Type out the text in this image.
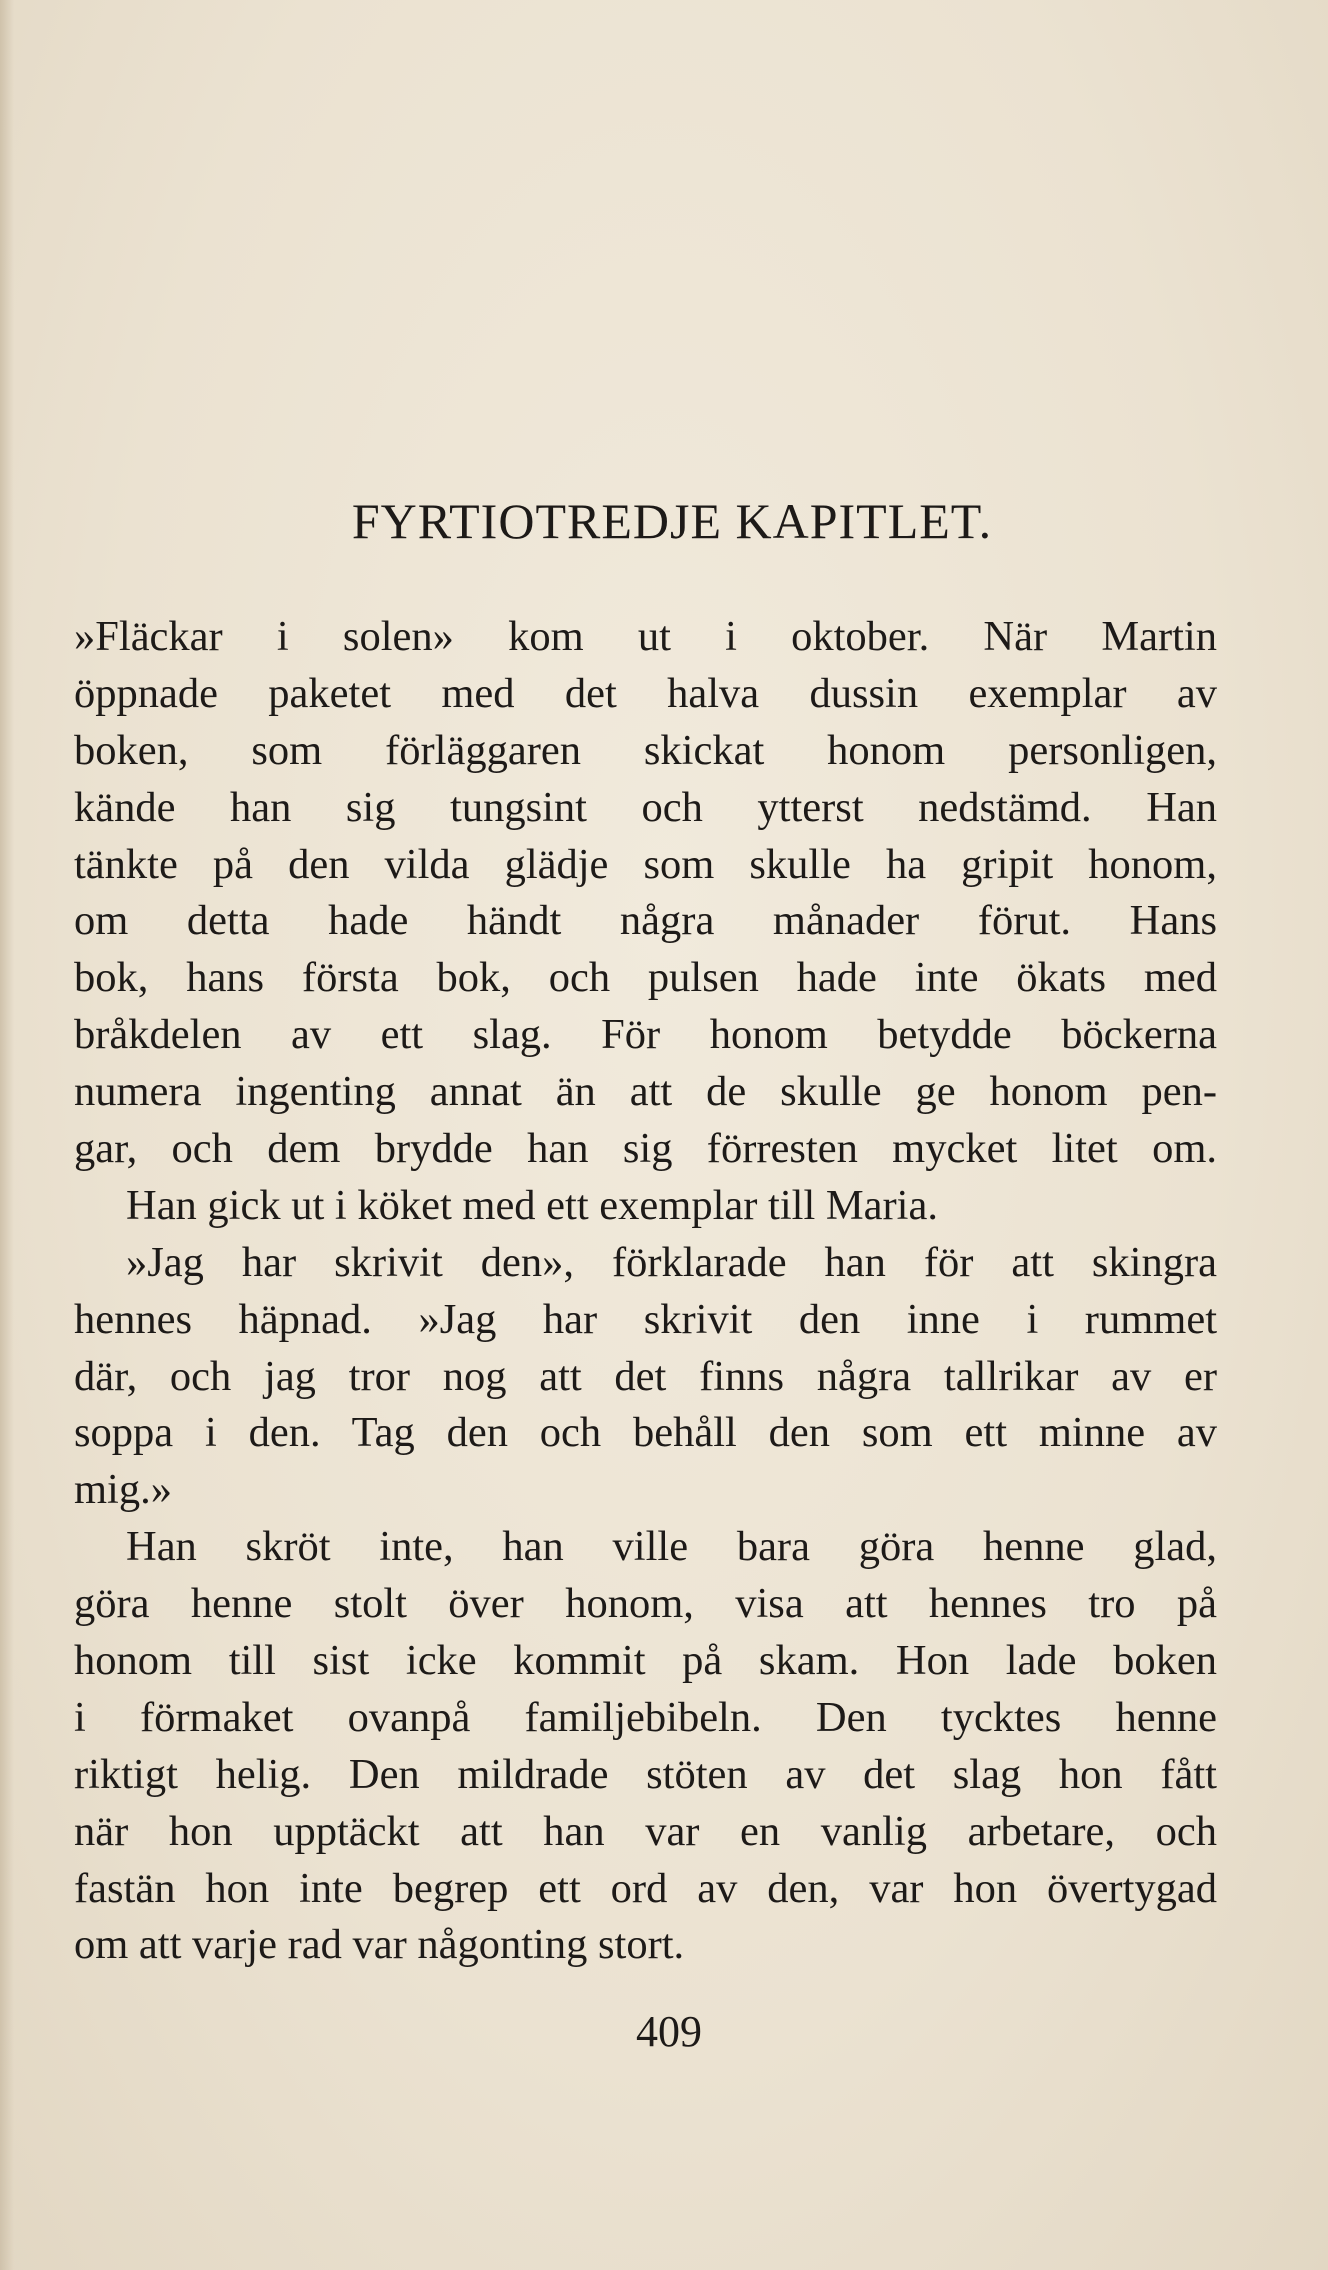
FYRTIOTREDJE KAPITLET.
»Fläckar i solen» kom ut i oktober. När Martin
öppnade paketet med det halva dussin exemplar av
boken, som förläggaren skickat honom personligen,
kände han sig tungsint och ytterst nedstämd. Han
tänkte på den vilda glädje som skulle ha gripit honom,
om detta hade händt några månader förut. Hans
bok, hans första bok, och pulsen hade inte ökats med
bråkdelen av ett slag. För honom betydde böckerna
numera ingenting annat än att de skulle ge honom pen-
gar, och dem brydde han sig förresten mycket litet om.
Han gick ut i köket med ett exemplar till Maria.
»Jag har skrivit den», förklarade han för att skingra
hennes häpnad. »Jag har skrivit den inne i rummet
där, och jag tror nog att det finns några tallrikar av er
soppa i den. Tag den och behåll den som ett minne av
mig.»
Han skröt inte, han ville bara göra henne glad,
göra henne stolt över honom, visa att hennes tro på
honom till sist icke kommit på skam. Hon lade boken
i förmaket ovanpå familjebibeln. Den tycktes henne
riktigt helig. Den mildrade stöten av det slag hon fått
när hon upptäckt att han var en vanlig arbetare, och
fastän hon inte begrep ett ord av den, var hon övertygad
om att varje rad var någonting stort.

409
